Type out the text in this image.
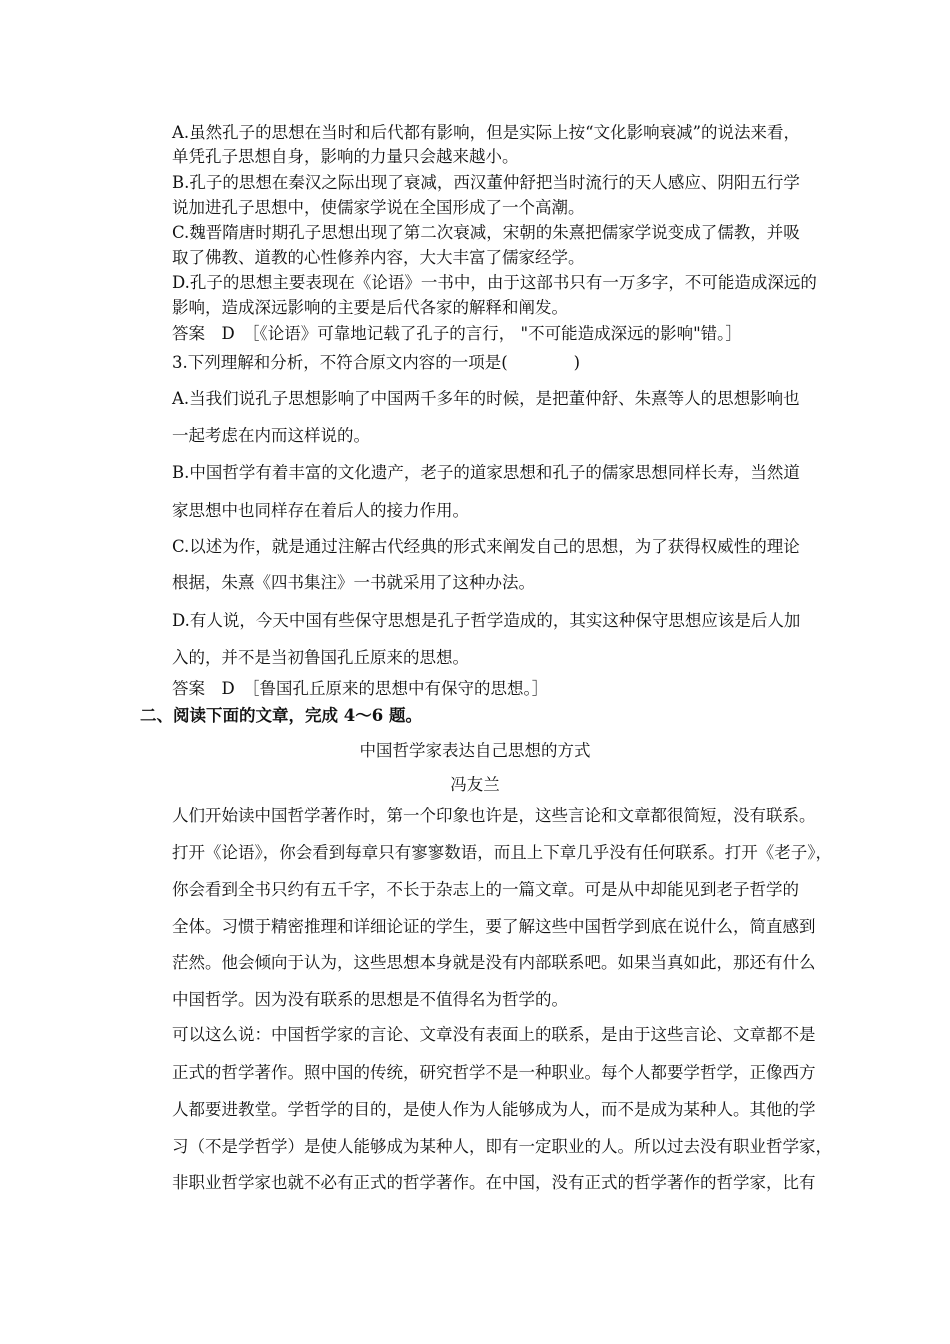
A.虽然孔子的思想在当时和后代都有影响，但是实际上按“文化影响衰减”的说法来看，
单凭孔子思想自身，影响的力量只会越来越小。
B.孔子的思想在秦汉之际出现了衰减，西汉董仲舒把当时流行的天人感应、阴阳五行学
说加进孔子思想中，使儒家学说在全国形成了一个高潮。
C.魏晋隋唐时期孔子思想出现了第二次衰减，宋朝的朱熹把儒家学说变成了儒教，并吸
取了佛教、道教的心性修养内容，大大丰富了儒家经学。
D.孔子的思想主要表现在《论语》一书中，由于这部书只有一万多字，不可能造成深远的
影响，造成深远影响的主要是后代各家的解释和阐发。
答案　D　［《论语》可靠地记载了孔子的言行， "不可能造成深远的影响"错。］
3.下列理解和分析，不符合原文内容的一项是(　　　　)
A.当我们说孔子思想影响了中国两千多年的时候，是把董仲舒、朱熹等人的思想影响也
一起考虑在内而这样说的。
B.中国哲学有着丰富的文化遗产，老子的道家思想和孔子的儒家思想同样长寿，当然道
家思想中也同样存在着后人的接力作用。
C.以述为作，就是通过注解古代经典的形式来阐发自己的思想，为了获得权威性的理论
根据，朱熹《四书集注》一书就采用了这种办法。
D.有人说，今天中国有些保守思想是孔子哲学造成的，其实这种保守思想应该是后人加
入的，并不是当初鲁国孔丘原来的思想。
答案　D　［鲁国孔丘原来的思想中有保守的思想。］
二、阅读下面的文章，完成 4～6 题。
中国哲学家表达自己思想的方式
冯友兰
人们开始读中国哲学著作时，第一个印象也许是，这些言论和文章都很简短，没有联系。
打开《论语》，你会看到每章只有寥寥数语，而且上下章几乎没有任何联系。打开《老子》，
你会看到全书只约有五千字，不长于杂志上的一篇文章。可是从中却能见到老子哲学的
全体。习惯于精密推理和详细论证的学生，要了解这些中国哲学到底在说什么，简直感到
茫然。他会倾向于认为，这些思想本身就是没有内部联系吧。如果当真如此，那还有什么
中国哲学。因为没有联系的思想是不值得名为哲学的。
可以这么说：中国哲学家的言论、文章没有表面上的联系，是由于这些言论、文章都不是
正式的哲学著作。照中国的传统，研究哲学不是一种职业。每个人都要学哲学，正像西方
人都要进教堂。学哲学的目的，是使人作为人能够成为人，而不是成为某种人。其他的学
习（不是学哲学）是使人能够成为某种人，即有一定职业的人。所以过去没有职业哲学家，
非职业哲学家也就不必有正式的哲学著作。在中国，没有正式的哲学著作的哲学家，比有
